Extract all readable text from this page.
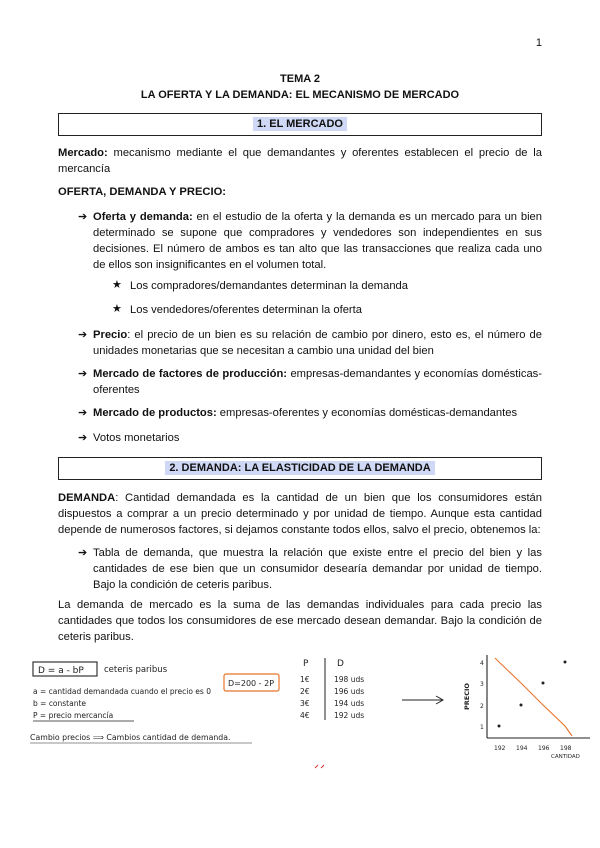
1
TEMA 2
LA OFERTA Y LA DEMANDA: EL MECANISMO DE MERCADO
1. EL MERCADO
Mercado: mecanismo mediante el que demandantes y oferentes establecen el precio de la mercancía
OFERTA, DEMANDA Y PRECIO:
➔ Oferta y demanda: en el estudio de la oferta y la demanda es un mercado para un bien determinado se supone que compradores y vendedores son independientes en sus decisiones. El número de ambos es tan alto que las transacciones que realiza cada uno de ellos son insignificantes en el volumen total.
★ Los compradores/demandantes determinan la demanda
★ Los vendedores/oferentes determinan la oferta
➔ Precio: el precio de un bien es su relación de cambio por dinero, esto es, el número de unidades monetarias que se necesitan a cambio una unidad del bien
➔ Mercado de factores de producción: empresas-demandantes y economías domésticas-oferentes
➔ Mercado de productos: empresas-oferentes y economías domésticas-demandantes
➔ Votos monetarios
2. DEMANDA: LA ELASTICIDAD DE LA DEMANDA
DEMANDA: Cantidad demandada es la cantidad de un bien que los consumidores están dispuestos a comprar a un precio determinado y por unidad de tiempo. Aunque esta cantidad depende de numerosos factores, si dejamos constante todos ellos, salvo el precio, obtenemos la:
➔ Tabla de demanda, que muestra la relación que existe entre el precio del bien y las cantidades de ese bien que un consumidor desearía demandar por unidad de tiempo. Bajo la condición de ceteris paribus.
La demanda de mercado es la suma de las demandas individuales para cada precio las cantidades que todos los consumidores de ese mercado desean demandar. Bajo la condición de ceteris paribus.
D = a - bP ceteris paribus
a = cantidad demandada cuando el precio es 0
b = constante
P = precio mercancía
D=200 - 2P
P	D
1€
2€
3€
4€
198 uds
196 uds
194 uds
192 uds
Cambio precios ⟹ Cambios cantidad de demanda.
PRECIO
CANTIDAD
4
3
2
1
192 194 196 198
